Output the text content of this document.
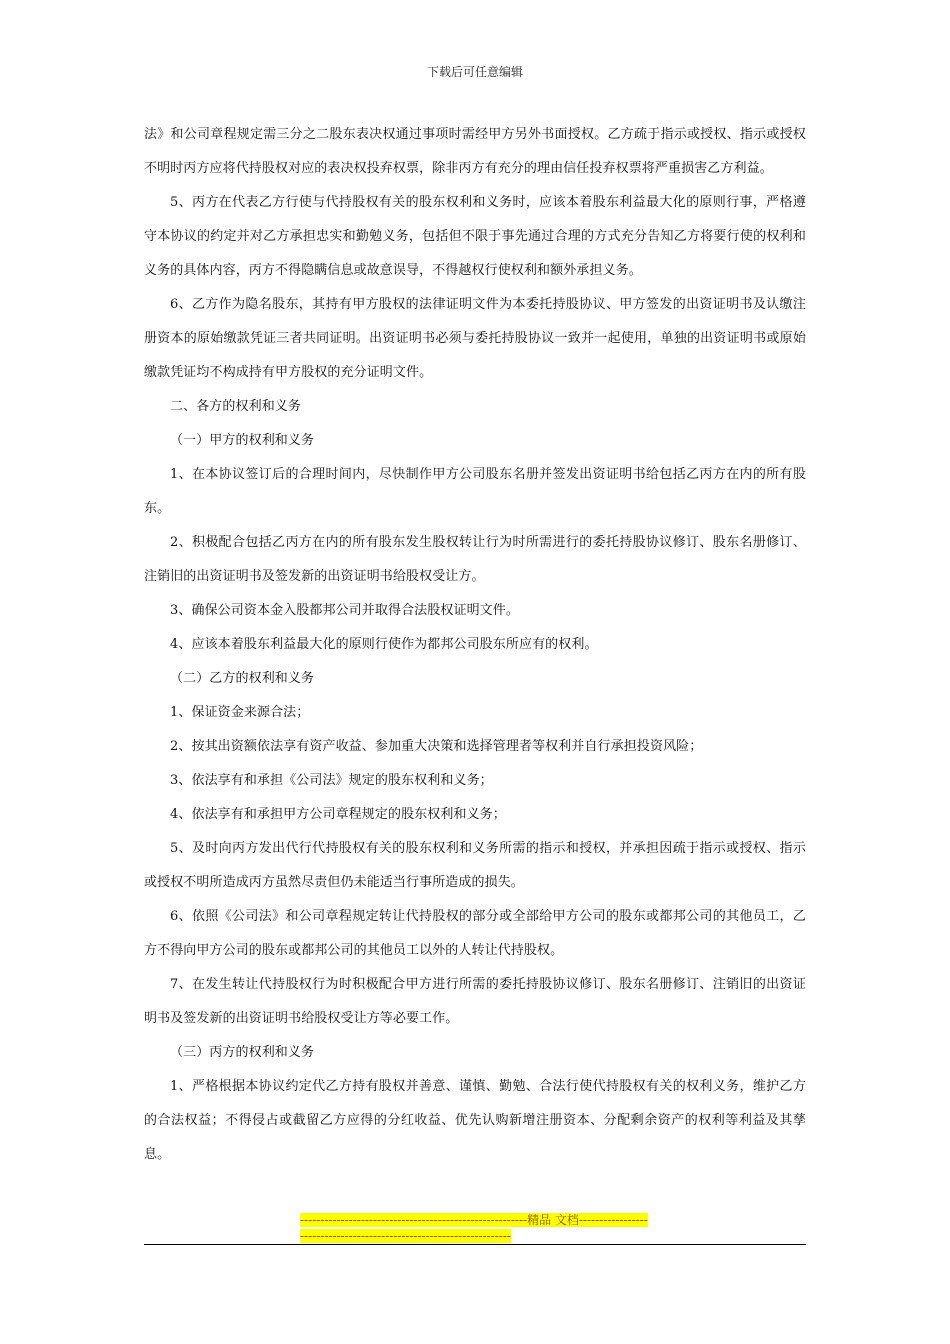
下载后可任意编辑

法》和公司章程规定需三分之二股东表决权通过事项时需经甲方另外书面授权。乙方疏于指示或授权、指示或授权不明时丙方应将代持股权对应的表决权投弃权票，除非丙方有充分的理由信任投弃权票将严重损害乙方利益。

5、丙方在代表乙方行使与代持股权有关的股东权利和义务时，应该本着股东利益最大化的原则行事，严格遵守本协议的约定并对乙方承担忠实和勤勉义务，包括但不限于事先通过合理的方式充分告知乙方将要行使的权利和义务的具体内容，丙方不得隐瞒信息或故意误导，不得越权行使权利和额外承担义务。

6、乙方作为隐名股东，其持有甲方股权的法律证明文件为本委托持股协议、甲方签发的出资证明书及认缴注册资本的原始缴款凭证三者共同证明。出资证明书必须与委托持股协议一致并一起使用，单独的出资证明书或原始缴款凭证均不构成持有甲方股权的充分证明文件。

二、各方的权利和义务

（一）甲方的权利和义务

1、在本协议签订后的合理时间内，尽快制作甲方公司股东名册并签发出资证明书给包括乙丙方在内的所有股东。

2、积极配合包括乙丙方在内的所有股东发生股权转让行为时所需进行的委托持股协议修订、股东名册修订、注销旧的出资证明书及签发新的出资证明书给股权受让方。

3、确保公司资本金入股都邦公司并取得合法股权证明文件。

4、应该本着股东利益最大化的原则行使作为都邦公司股东所应有的权利。

（二）乙方的权利和义务

1、保证资金来源合法；

2、按其出资额依法享有资产收益、参加重大决策和选择管理者等权利并自行承担投资风险；

3、依法享有和承担《公司法》规定的股东权利和义务；

4、依法享有和承担甲方公司章程规定的股东权利和义务；

5、及时向丙方发出代行代持股权有关的股东权利和义务所需的指示和授权，并承担因疏于指示或授权、指示或授权不明所造成丙方虽然尽责但仍未能适当行事所造成的损失。

6、依照《公司法》和公司章程规定转让代持股权的部分或全部给甲方公司的股东或都邦公司的其他员工，乙方不得向甲方公司的股东或都邦公司的其他员工以外的人转让代持股权。

7、在发生转让代持股权行为时积极配合甲方进行所需的委托持股协议修订、股东名册修订、注销旧的出资证明书及签发新的出资证明书给股权受让方等必要工作。

（三）丙方的权利和义务

1、严格根据本协议约定代乙方持有股权并善意、谨慎、勤勉、合法行使代持股权有关的权利义务，维护乙方的合法权益；不得侵占或截留乙方应得的分红收益、优先认购新增注册资本、分配剩余资产的权利等利益及其孳息。

--------------------------------------------------------精品 文档---------------------------------------------------------------------
